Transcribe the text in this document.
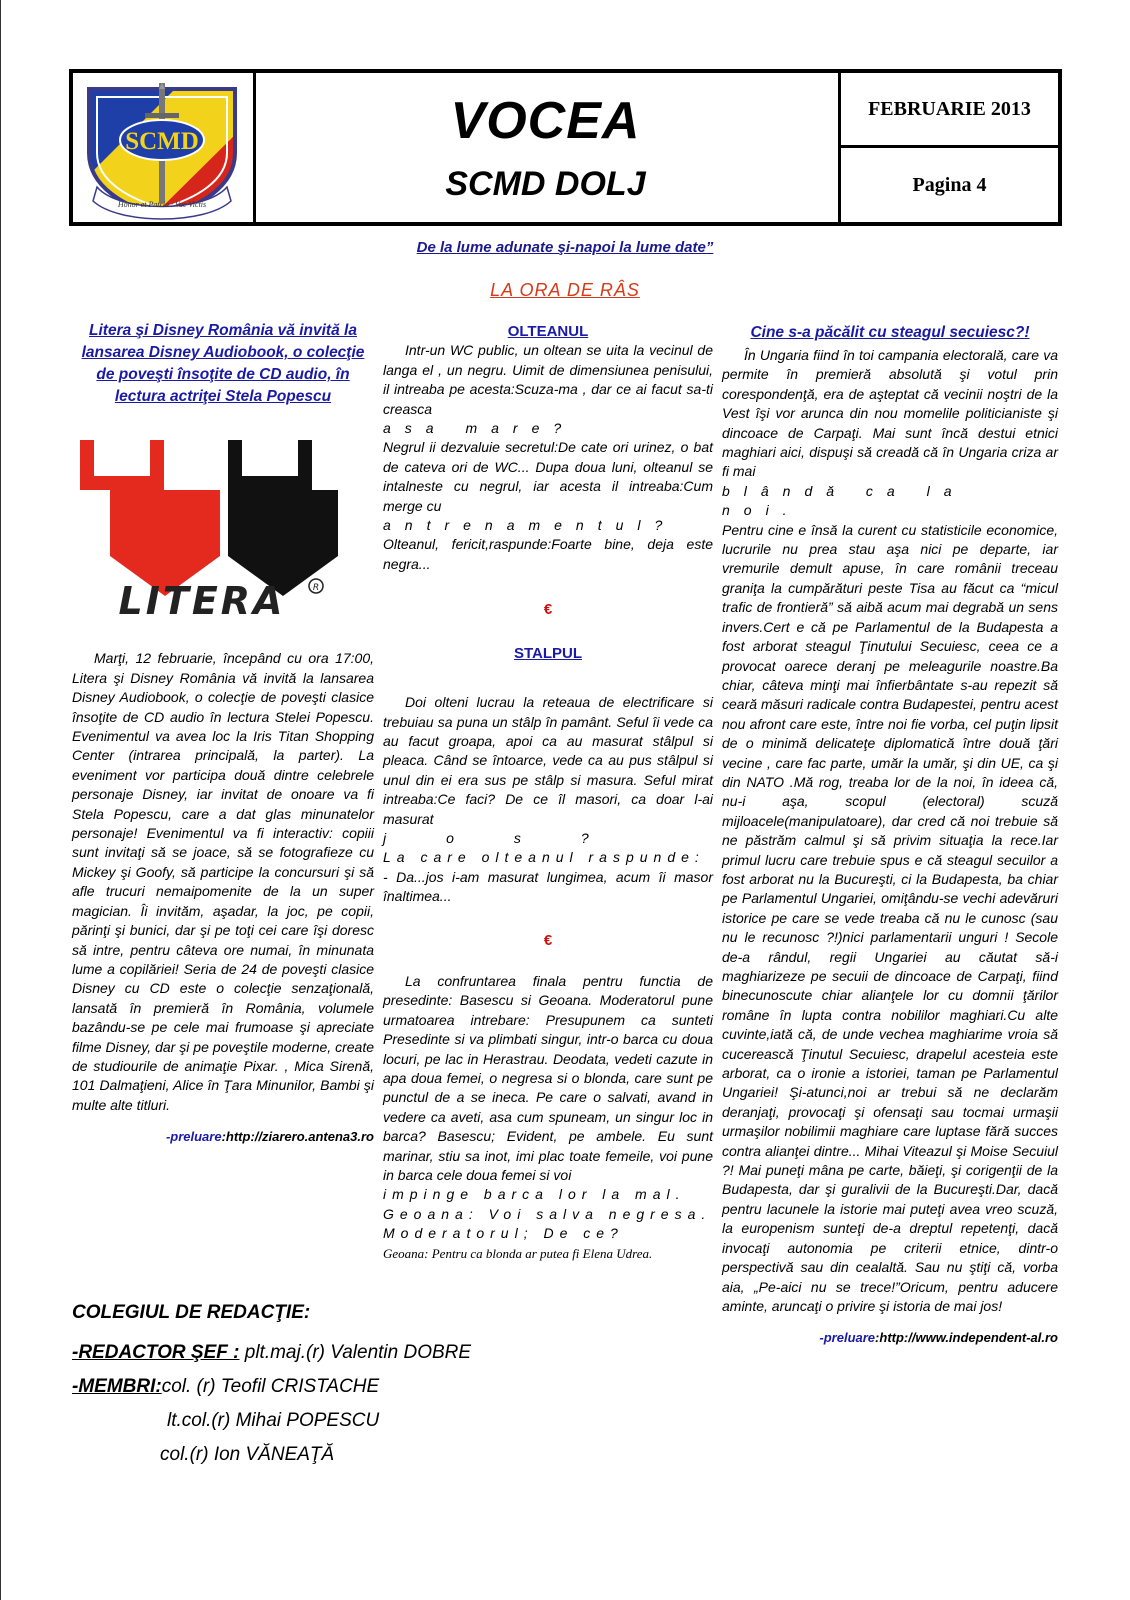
SCMD
Honor et Patria · Vae Victis
VOCEA
SCMD DOLJ
FEBRUARIE 2013
Pagina 4
De la lume adunate şi-napoi la lume date”
LA ORA DE RÂS
Litera şi Disney România vă invită la lansarea Disney Audiobook, o colecţie de poveşti însoţite de CD audio, în lectura actriţei Stela Popescu
LITERA	R

Marţi, 12 februarie, începând cu ora 17:00, Litera şi Disney România vă invită la lansarea Disney Audiobook, o colecţie de poveşti clasice însoţite de CD audio în lectura Stelei Popescu. Evenimentul va avea loc la Iris Titan Shopping Center (intrarea principală, la parter). La eveniment vor participa două dintre celebrele personaje Disney, iar invitat de onoare va fi Stela Popescu, care a dat glas minunatelor personaje! Evenimentul va fi interactiv: copiii sunt invitaţi să se joace, să se fotografieze cu Mickey şi Goofy, să participe la concursuri şi să afle trucuri nemaipomenite de la un super magician. Îi invităm, aşadar, la joc, pe copii, părinţi şi bunici, dar şi pe toţi cei care îşi doresc să intre, pentru câteva ore numai, în minunata lume a copilăriei! Seria de 24 de poveşti clasice Disney cu CD este o colecţie senzaţională, lansată în premieră în România, volumele bazându-se pe cele mai frumoase şi apreciate filme Disney, dar şi pe poveştile moderne, create de studiourile de animaţie Pixar. , Mica Sirenă, 101 Dalmaţieni, Alice în Ţara Minunilor, Bambi şi multe alte titluri.

-preluare:http://ziarero.antena3.ro
OLTEANUL

Intr-un WC public, un oltean se uita la vecinul de langa el , un negru. Uimit de dimensiunea penisului, il intreaba pe acesta:Scuza-ma , dar ce ai facut sa-ti creasca

asa mare?

Negrul ii dezvaluie secretul:De cate ori urinez, o bat de cateva ori de WC... Dupa doua luni, olteanul se intalneste cu negrul, iar acesta il intreaba:Cum merge cu

antrenamentul?

Olteanul, fericit,raspunde:Foarte bine, deja este negra...

€
STALPUL

Doi olteni lucrau la reteaua de electrificare si trebuiau sa puna un stâlp în pamânt. Seful îi vede ca au facut groapa, apoi ca au masurat stâlpul si pleaca. Când se întoarce, vede ca au pus stâlpul si unul din ei era sus pe stâlp si masura. Seful mirat intreaba:Ce faci? De ce îl masori, ca doar l-ai masurat

jos?
La care olteanul raspunde:

- Da...jos i-am masurat lungimea, acum îi masor înaltimea...

€

La confruntarea finala pentru functia de presedinte: Basescu si Geoana. Moderatorul pune urmatoarea intrebare: Presupunem ca sunteti Presedinte si va plimbati singur, intr-o barca cu doua locuri, pe lac in Herastrau. Deodata, vedeti cazute in apa doua femei, o negresa si o blonda, care sunt pe punctul de a se ineca. Pe care o salvati, avand in vedere ca aveti, asa cum spuneam, un singur loc in barca? Basescu; Evident, pe ambele. Eu sunt marinar, stiu sa inot, imi plac toate femeile, voi pune in barca cele doua femei si voi

impinge barca lor la mal.
Geoana: Voi salva negresa.
Moderatorul; De ce?
Geoana: Pentru ca blonda ar putea fi Elena Udrea.
Cine s-a păcălit cu steagul secuiesc?!

În Ungaria fiind în toi campania electorală, care va permite în premieră absolută şi votul prin corespondenţă, era de aşteptat că vecinii noştri de la Vest îşi vor arunca din nou momelile politicianiste şi dincoace de Carpaţi. Mai sunt încă destui etnici maghiari aici, dispuşi să creadă că în Ungaria criza ar fi mai

blândă ca la noi.

Pentru cine e însă la curent cu statisticile economice, lucrurile nu prea stau aşa nici pe departe, iar vremurile demult apuse, în care românii treceau graniţa la cumpărături peste Tisa au făcut ca “micul trafic de frontieră” să aibă acum mai degrabă un sens invers.Cert e că pe Parlamentul de la Budapesta a fost arborat steagul Ţinutului Secuiesc, ceea ce a provocat oarece deranj pe meleagurile noastre.Ba chiar, câteva minţi mai înfierbântate s-au repezit să ceară măsuri radicale contra Budapestei, pentru acest nou afront care este, între noi fie vorba, cel puţin lipsit de o minimă delicateţe diplomatică între două ţări vecine , care fac parte, umăr la umăr, şi din UE, ca şi din NATO .Mă rog, treaba lor de la noi, în ideea că, nu-i aşa, scopul (electoral) scuză mijloacele(manipulatoare), dar cred că noi trebuie să ne păstrăm calmul şi să privim situaţia la rece.Iar primul lucru care trebuie spus e că steagul secuilor a fost arborat nu la Bucureşti, ci la Budapesta, ba chiar pe Parlamentul Ungariei, omiţându-se vechi adevăruri istorice pe care se vede treaba că nu le cunosc (sau nu le recunosc ?!)nici parlamentarii unguri ! Secole de-a rândul, regii Ungariei au căutat să-i maghiarizeze pe secuii de dincoace de Carpaţi, fiind binecunoscute chiar alianţele lor cu domnii ţărilor române în lupta contra nobililor maghiari.Cu alte cuvinte,iată că, de unde vechea maghiarime vroia să cucerească Ţinutul Secuiesc, drapelul acesteia este arborat, ca o ironie a istoriei, taman pe Parlamentul Ungariei! Şi-atunci,noi ar trebui să ne declarăm deranjaţi, provocaţi şi ofensaţi sau tocmai urmaşii urmaşilor nobilimii maghiare care luptase fără succes contra alianţei dintre... Mihai Viteazul şi Moise Secuiul ?! Mai puneţi mâna pe carte, băieţi, şi corigenţii de la Budapesta, dar şi guralivii de la Bucureşti.Dar, dacă pentru lacunele la istorie mai puteţi avea vreo scuză, la europenism sunteţi de-a dreptul repetenţi, dacă invocaţi autonomia pe criterii etnice, dintr-o perspectivă sau din cealaltă. Sau nu ştiţi că, vorba aia, „Pe-aici nu se trece!”Oricum, pentru aducere aminte, aruncaţi o privire şi istoria de mai jos!

-preluare:http://www.independent-al.ro
COLEGIUL DE REDACŢIE:
-REDACTOR ŞEF : plt.maj.(r) Valentin DOBRE
-MEMBRI:col. (r) Teofil CRISTACHE
lt.col.(r) Mihai POPESCU
col.(r) Ion VĂNEAŢĂ
